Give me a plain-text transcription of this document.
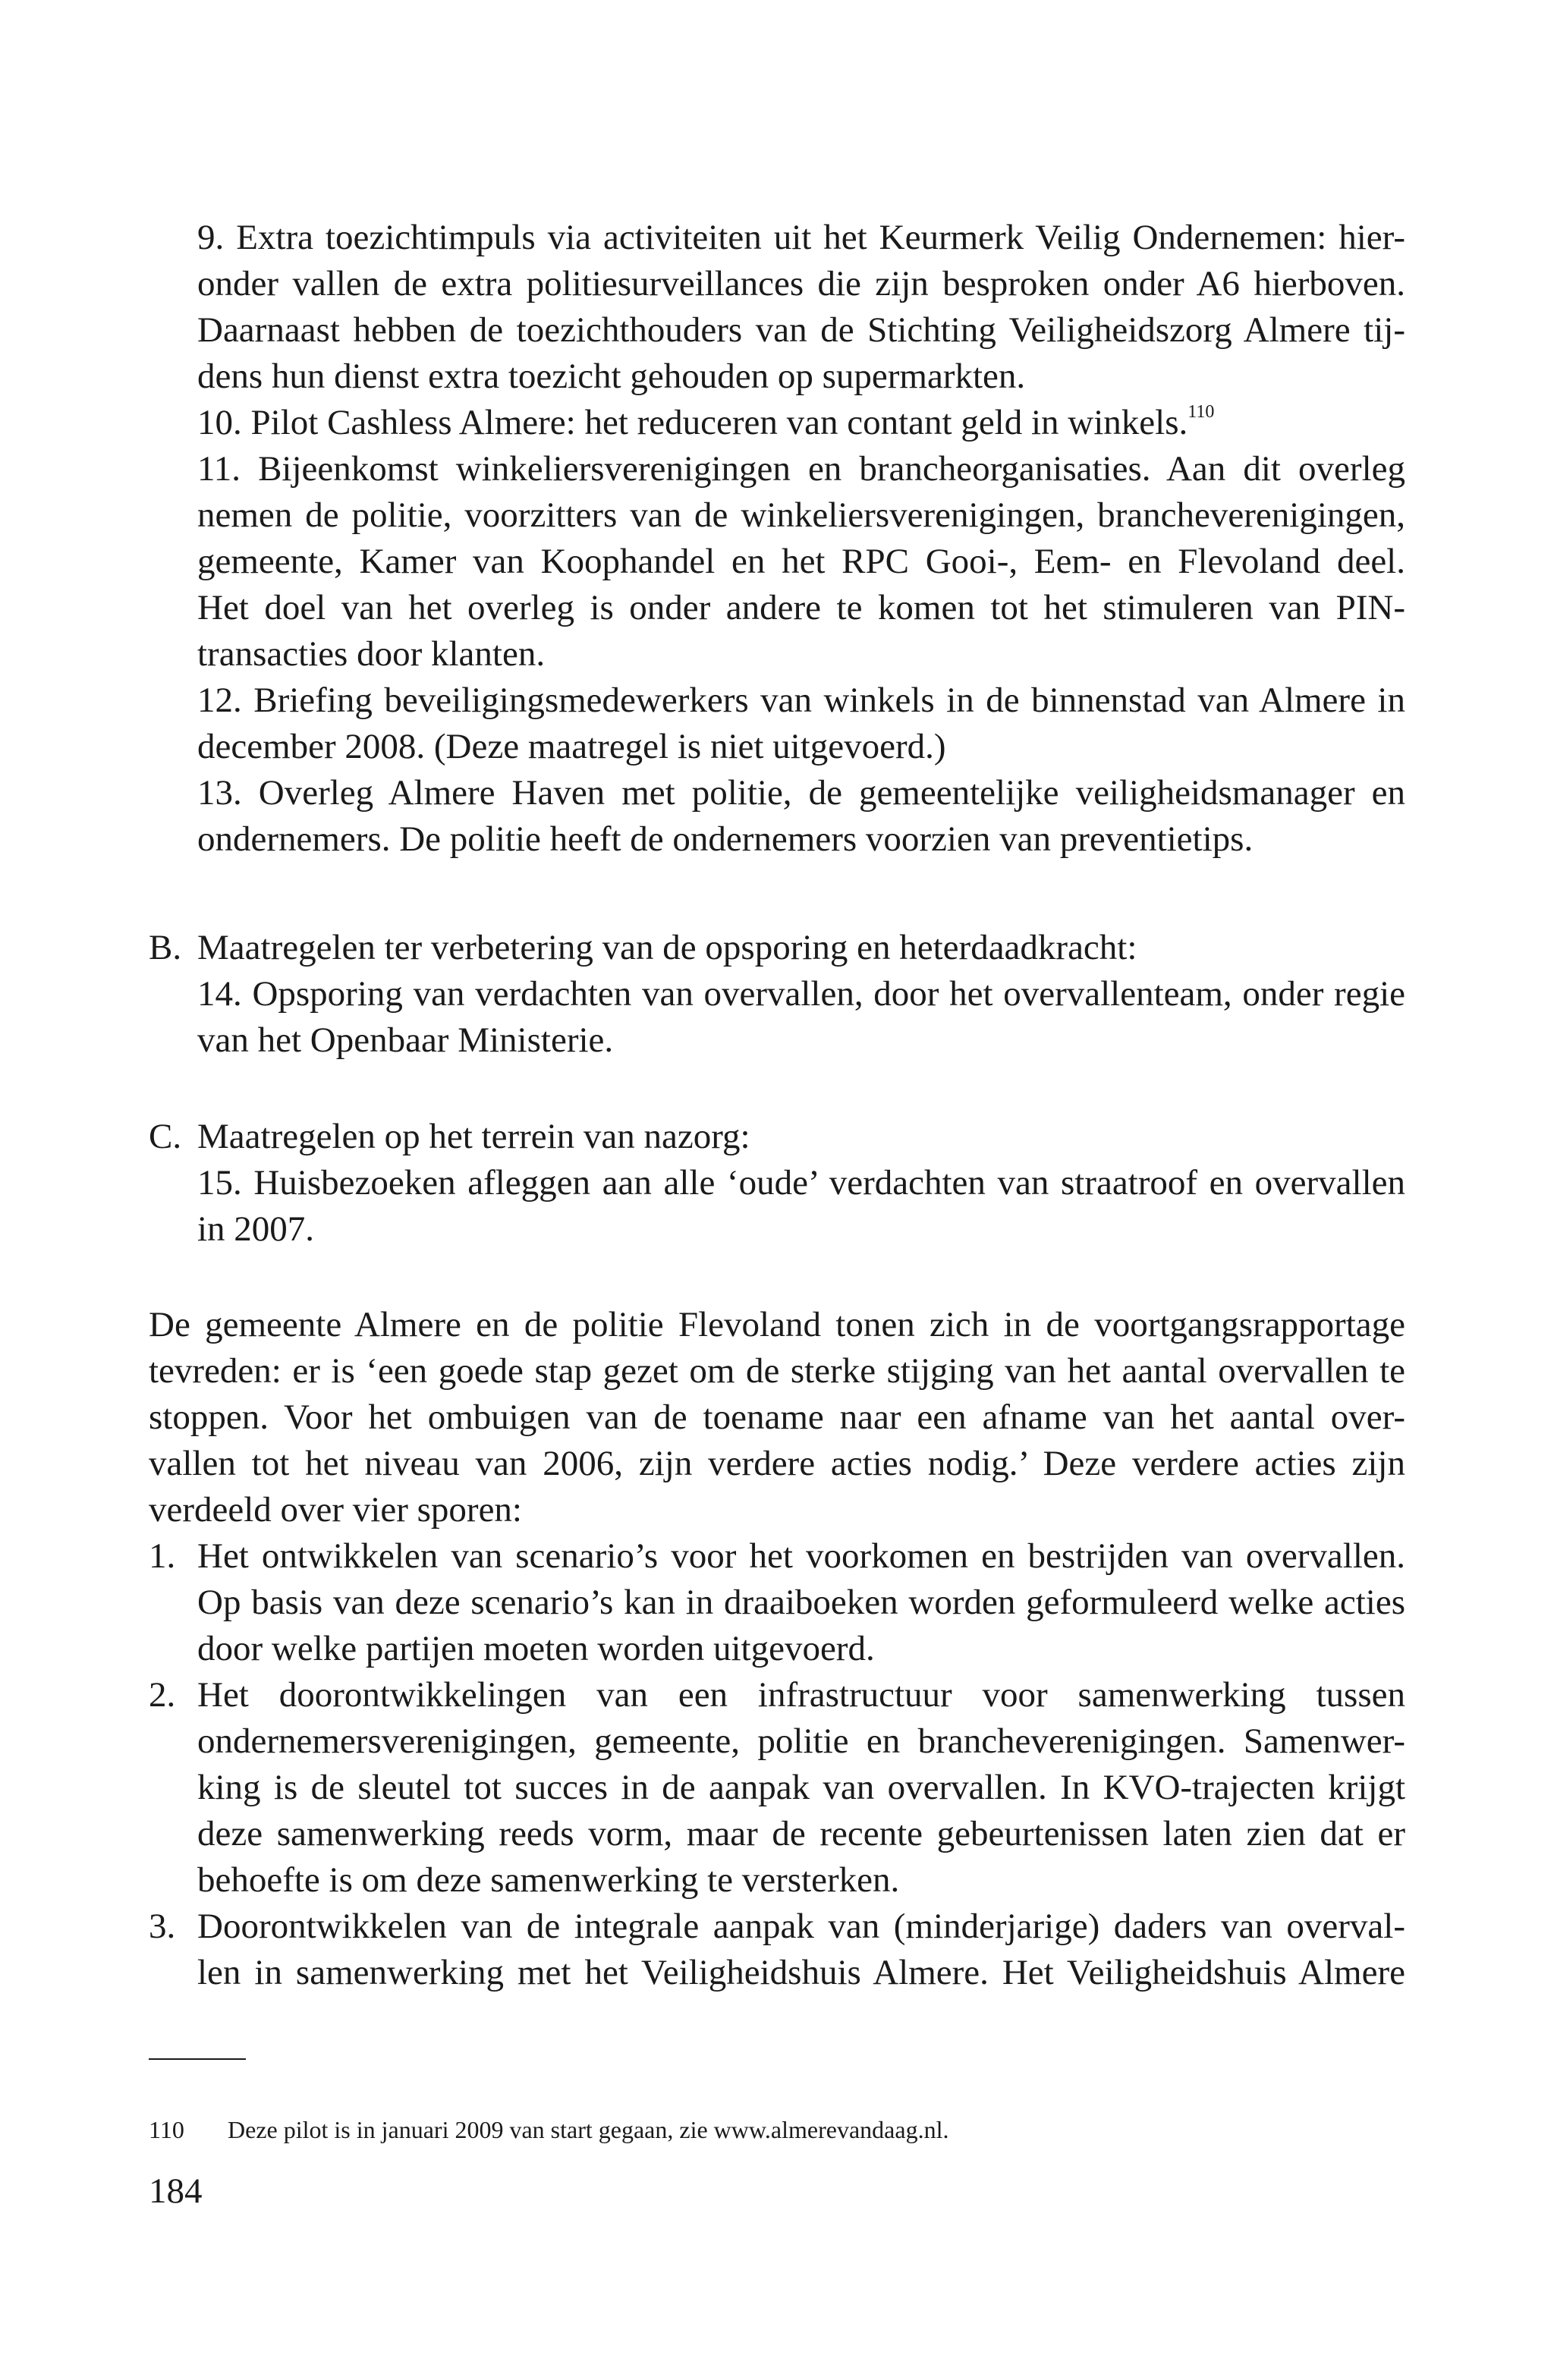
9. Extra toezichtimpuls via activiteiten uit het Keurmerk Veilig Ondernemen: hier-
onder vallen de extra politiesurveillances die zijn besproken onder A6 hierboven.
Daarnaast hebben de toezichthouders van de Stichting Veiligheidszorg Almere tij-
dens hun dienst extra toezicht gehouden op supermarkten.
10. Pilot Cashless Almere: het reduceren van contant geld in winkels.$^{110}$
11. Bijeenkomst winkeliersverenigingen en brancheorganisaties. Aan dit overleg
nemen de politie, voorzitters van de winkeliersverenigingen, brancheverenigingen,
gemeente, Kamer van Koophandel en het RPC Gooi-, Eem- en Flevoland deel.
Het doel van het overleg is onder andere te komen tot het stimuleren van PIN-
transacties door klanten.
12. Briefing beveiligingsmedewerkers van winkels in de binnenstad van Almere in
december 2008. (Deze maatregel is niet uitgevoerd.)
13. Overleg Almere Haven met politie, de gemeentelijke veiligheidsmanager en
ondernemers. De politie heeft de ondernemers voorzien van preventietips.
B. Maatregelen ter verbetering van de opsporing en heterdaadkracht:
14. Opsporing van verdachten van overvallen, door het overvallenteam, onder regie
van het Openbaar Ministerie.
C. Maatregelen op het terrein van nazorg:
15. Huisbezoeken afleggen aan alle ‘oude’ verdachten van straatroof en overvallen
in 2007.
De gemeente Almere en de politie Flevoland tonen zich in de voortgangsrapportage
tevreden: er is ‘een goede stap gezet om de sterke stijging van het aantal overvallen te
stoppen. Voor het ombuigen van de toename naar een afname van het aantal over-
vallen tot het niveau van 2006, zijn verdere acties nodig.’ Deze verdere acties zijn
verdeeld over vier sporen:
1. Het ontwikkelen van scenario’s voor het voorkomen en bestrijden van overvallen.
Op basis van deze scenario’s kan in draaiboeken worden geformuleerd welke acties
door welke partijen moeten worden uitgevoerd.
2. Het doorontwikkelingen van een infrastructuur voor samenwerking tussen
ondernemersverenigingen, gemeente, politie en brancheverenigingen. Samenwer-
king is de sleutel tot succes in de aanpak van overvallen. In KVO-trajecten krijgt
deze samenwerking reeds vorm, maar de recente gebeurtenissen laten zien dat er
behoefte is om deze samenwerking te versterken.
3. Doorontwikkelen van de integrale aanpak van (minderjarige) daders van overval-
len in samenwerking met het Veiligheidshuis Almere. Het Veiligheidshuis Almere
110 Deze pilot is in januari 2009 van start gegaan, zie www.almerevandaag.nl.
184
